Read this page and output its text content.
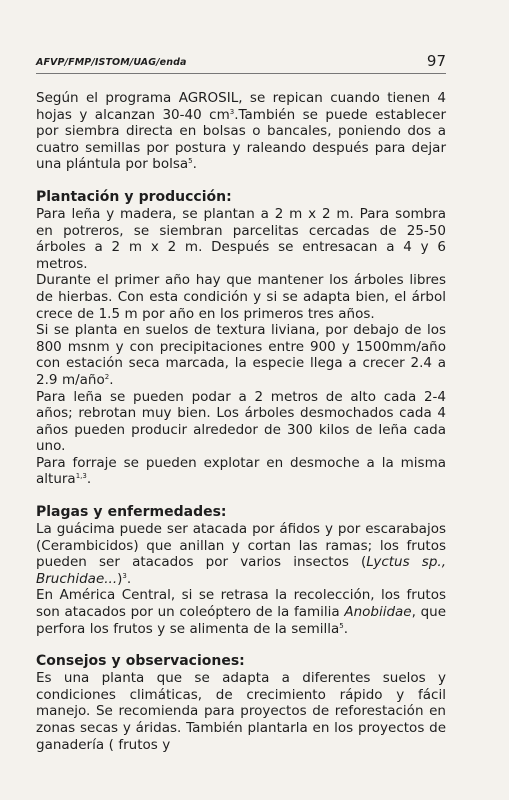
AFVP/FMP/ISTOM/UAG/enda	97

Según el programa AGROSIL, se repican cuando tienen 4 hojas y alcanzan 30-40 $cm^3.También$ se puede establecer por siembra directa en bolsas o bancales, poniendo dos a cuatro semillas por postura y raleando después para dejar una plántula por bolsa$^5$.

Plantación y producción:

Para leña y madera, se plantan a 2 m x 2 m. Para sombra en potreros, se siembran parcelitas cercadas de 25-50 árboles a 2 m x 2 m. Después se entresacan a 4 y 6 metros.

Durante el primer año hay que mantener los árboles libres de hierbas. Con esta condición y si se adapta bien, el árbol crece de 1.5 m por año en los primeros tres años.

Si se planta en suelos de textura liviana, por debajo de los 800 msnm y con precipitaciones entre 900 y 1500mm/año con estación seca marcada, la especie llega a crecer 2.4 a 2.9 m/año$^2$.

Para leña se pueden podar a 2 metros de alto cada 2-4 años; rebrotan muy bien. Los árboles desmochados cada 4 años pueden producir alrededor de 300 kilos de leña cada uno.

Para forraje se pueden explotar en desmoche a la misma altura$^{1,3}$.

Plagas y enfermedades:

La guácima puede ser atacada por áfidos y por escarabajos (Cerambicidos) que anillan y cortan las ramas; los frutos pueden ser atacados por varios insectos (Lyctus sp., Bruchidae...)$^3$.

En América Central, si se retrasa la recolección, los frutos son atacados por un coleóptero de la familia Anobiidae, que perfora los frutos y se alimenta de la semilla$^5$.

Consejos y observaciones:

Es una planta que se adapta a diferentes suelos y condiciones climáticas, de crecimiento rápido y fácil manejo. Se recomienda para proyectos de reforestación en zonas secas y áridas. También plantarla en los proyectos de ganadería ( frutos y
